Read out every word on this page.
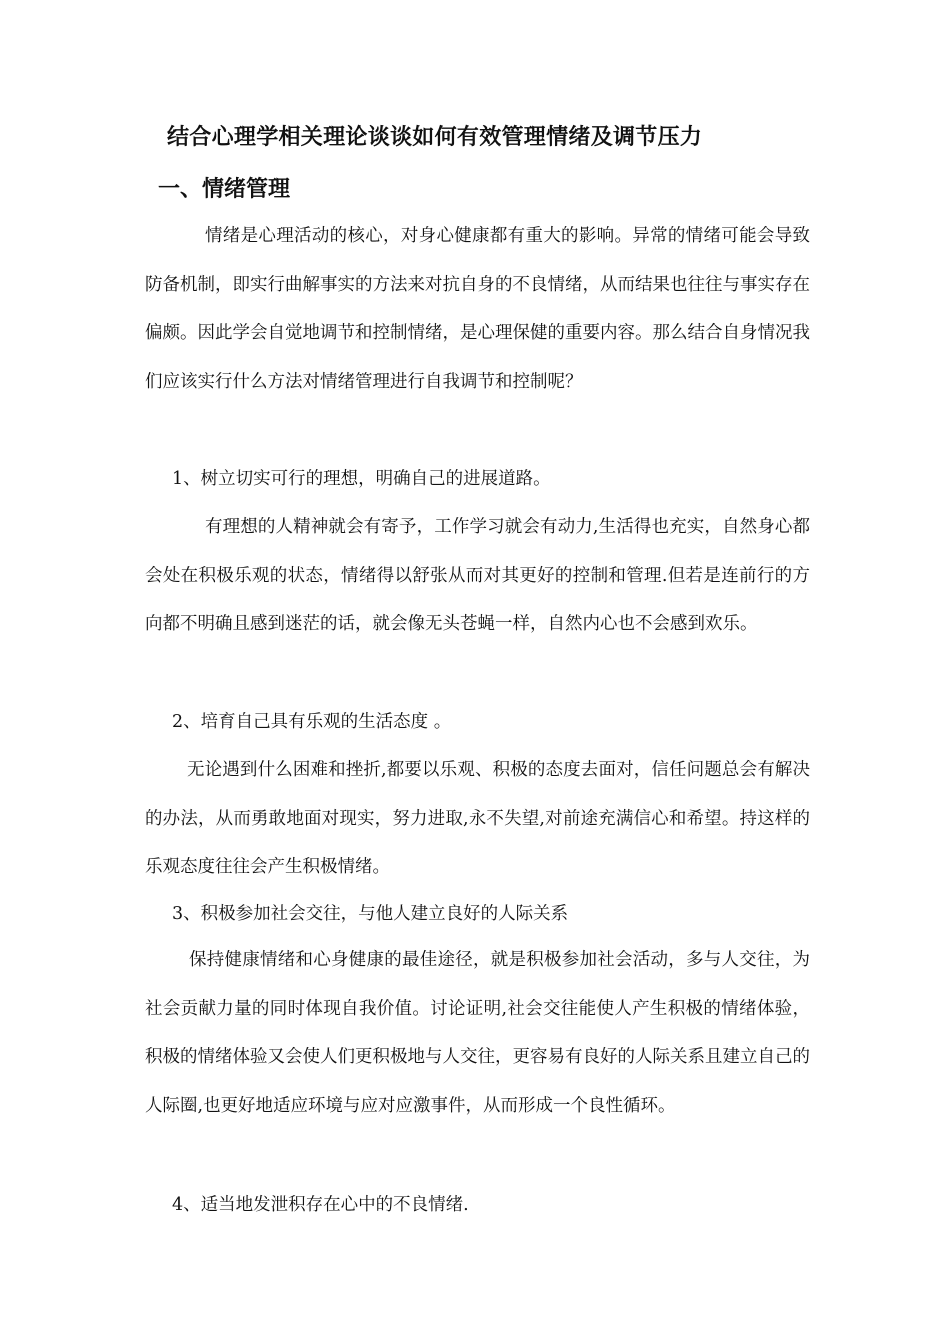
结合心理学相关理论谈谈如何有效管理情绪及调节压力
一、情绪管理

情绪是心理活动的核心，对身心健康都有重大的影响。异常的情绪可能会导致防备机制，即实行曲解事实的方法来对抗自身的不良情绪，从而结果也往往与事实存在偏颇。因此学会自觉地调节和控制情绪，是心理保健的重要内容。那么结合自身情况我们应该实行什么方法对情绪管理进行自我调节和控制呢？

1、树立切实可行的理想，明确自己的进展道路。

有理想的人精神就会有寄予，工作学习就会有动力,生活得也充实，自然身心都会处在积极乐观的状态，情绪得以舒张从而对其更好的控制和管理.但若是连前行的方向都不明确且感到迷茫的话，就会像无头苍蝇一样，自然内心也不会感到欢乐。

2、培育自己具有乐观的生活态度 。

无论遇到什么困难和挫折,都要以乐观、积极的态度去面对，信任问题总会有解决的办法，从而勇敢地面对现实，努力进取,永不失望,对前途充满信心和希望。持这样的乐观态度往往会产生积极情绪。

3、积极参加社会交往，与他人建立良好的人际关系

保持健康情绪和心身健康的最佳途径，就是积极参加社会活动，多与人交往，为社会贡献力量的同时体现自我价值。讨论证明,社会交往能使人产生积极的情绪体验，积极的情绪体验又会使人们更积极地与人交往，更容易有良好的人际关系且建立自己的人际圈,也更好地适应环境与应对应激事件，从而形成一个良性循环。

4、适当地发泄积存在心中的不良情绪.
